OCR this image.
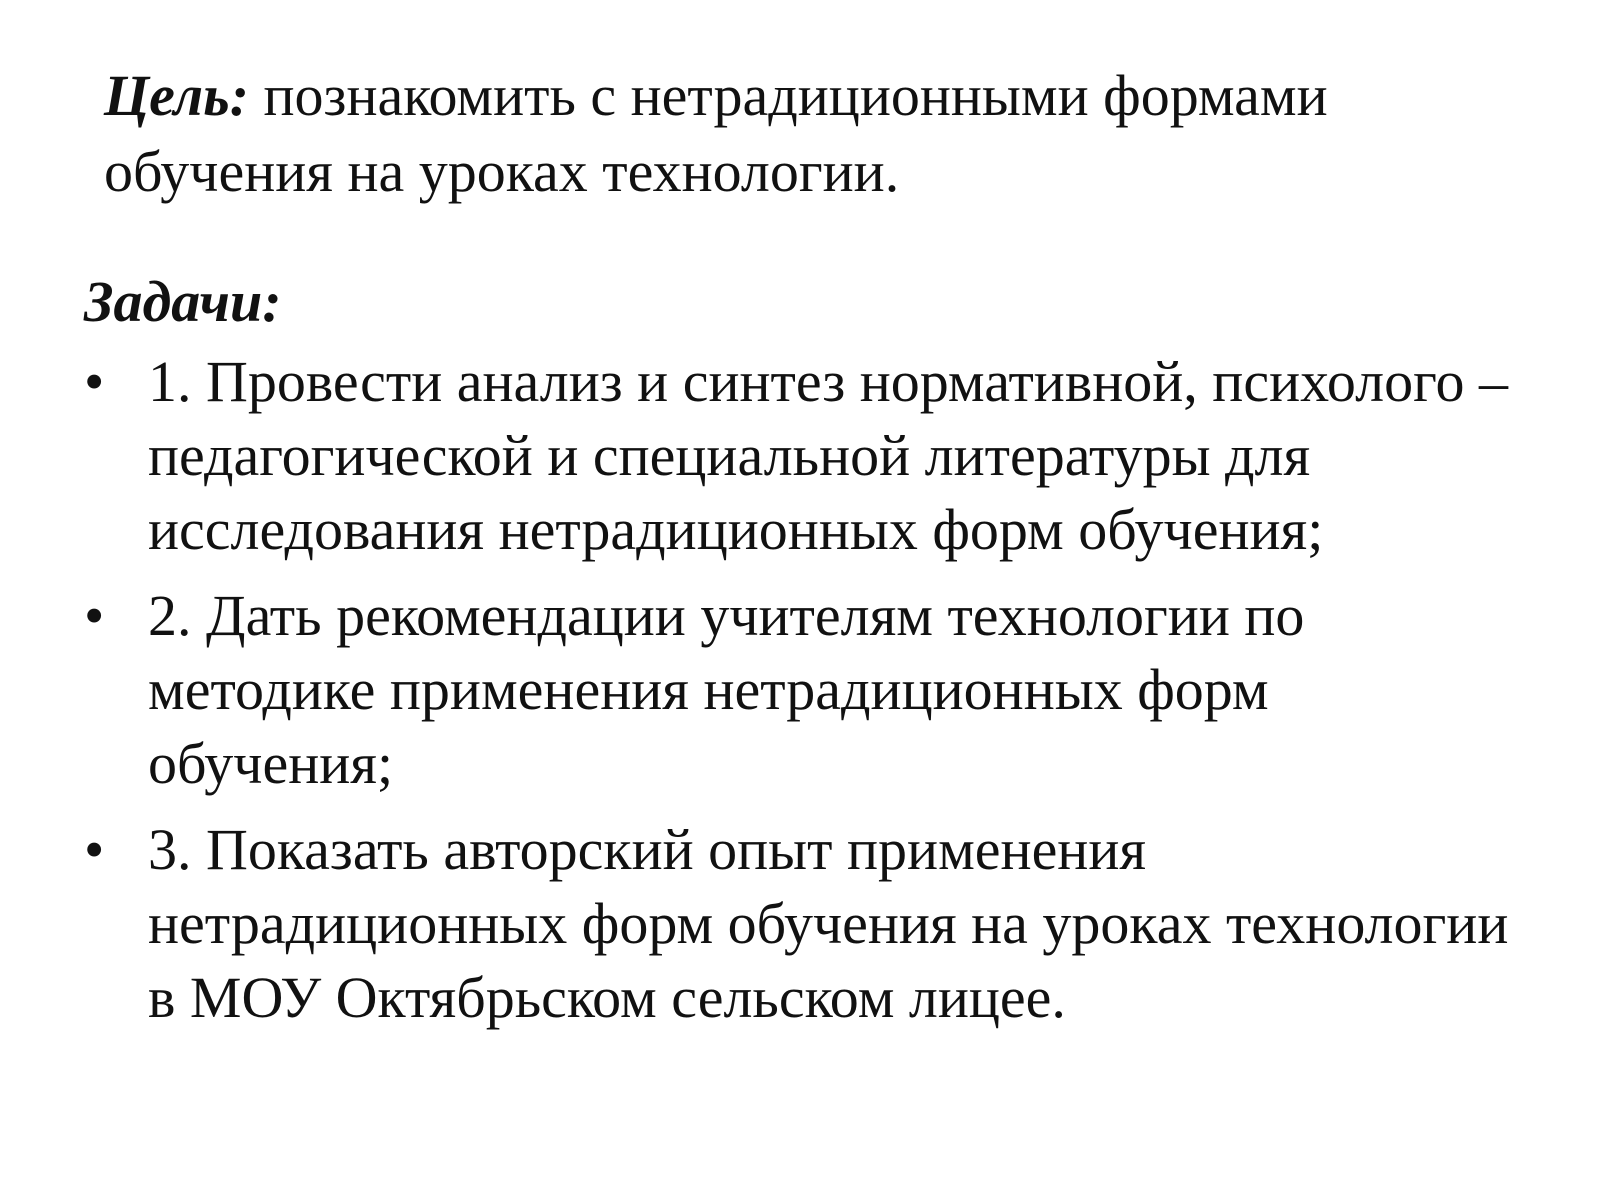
Цель: познакомить с нетрадиционными формами обучения на уроках технологии.

Задачи:
• 1. Провести анализ и синтез нормативной, психолого – педагогической и специальной литературы для исследования нетрадиционных форм обучения;
• 2. Дать рекомендации учителям технологии по методике применения нетрадиционных форм обучения;
• 3. Показать авторский опыт применения нетрадиционных форм обучения на уроках технологии в МОУ Октябрьском сельском лицее.
